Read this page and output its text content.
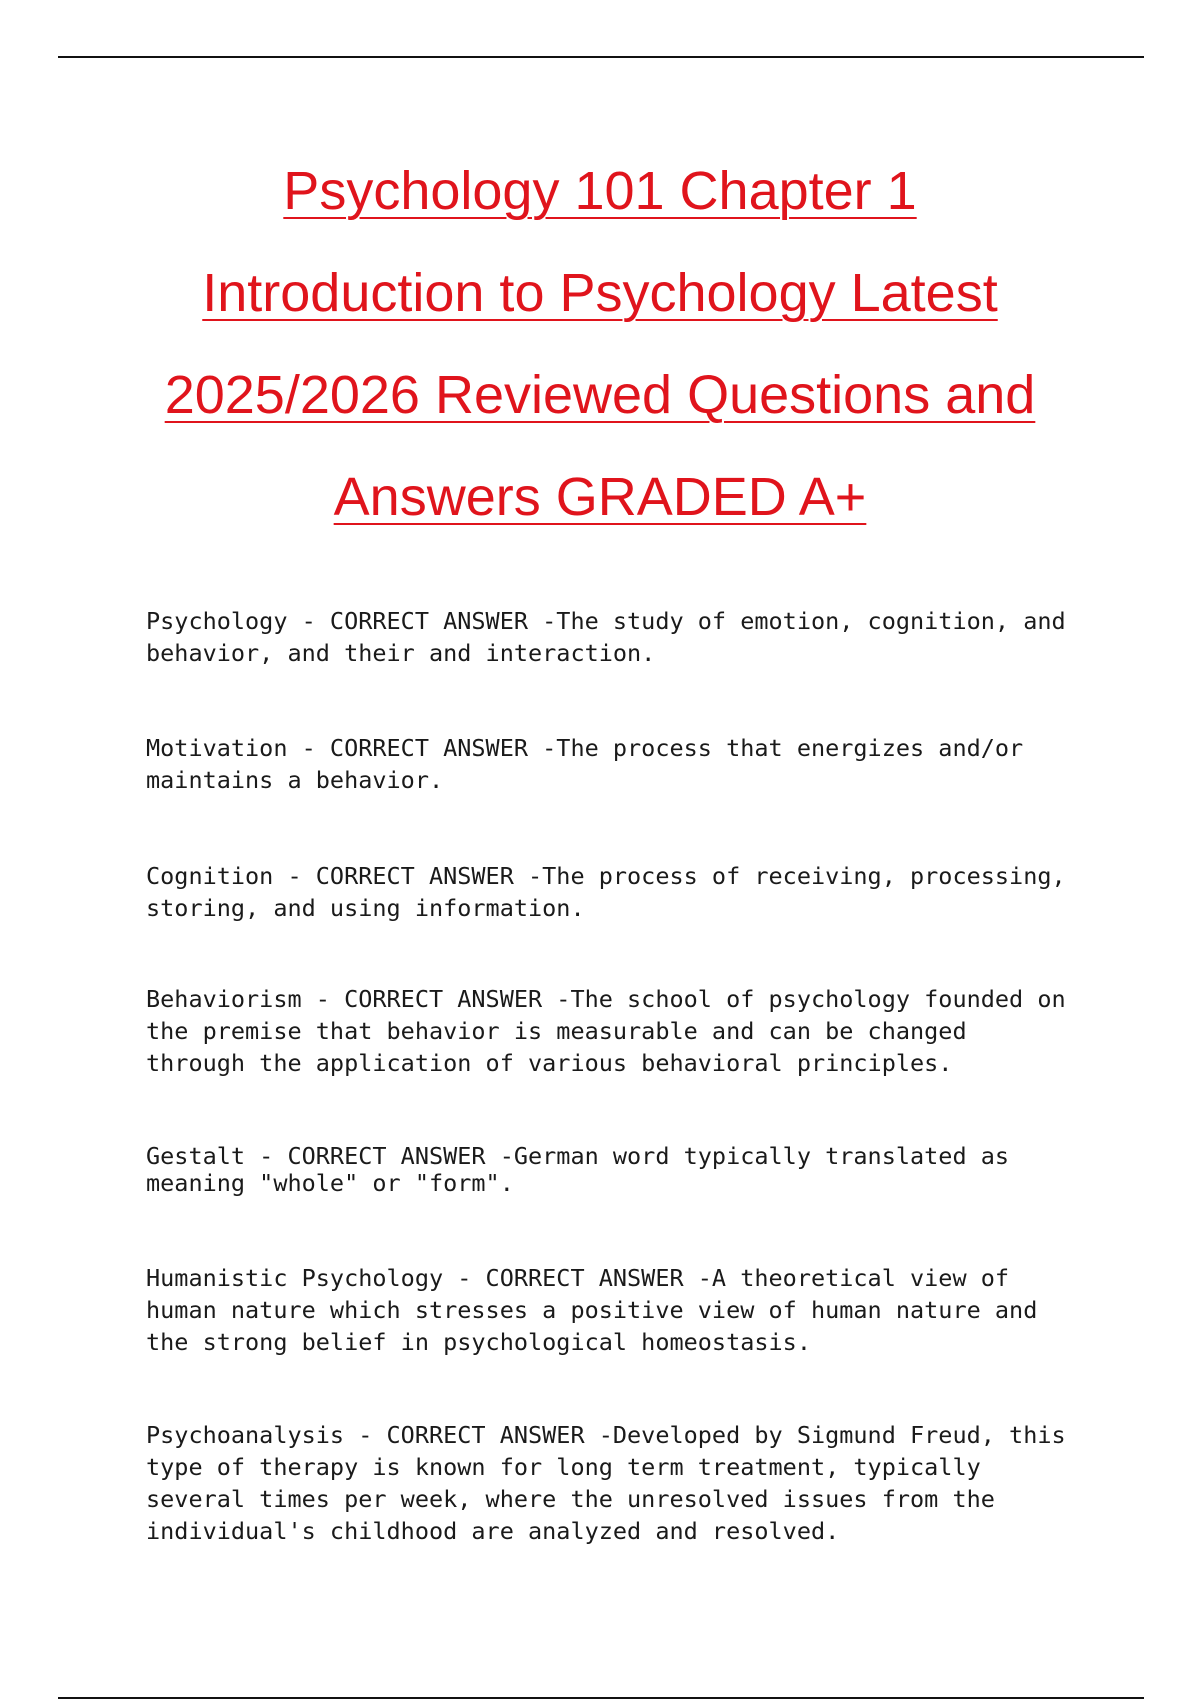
Psychology 101 Chapter 1
Introduction to Psychology Latest
2025/2026 Reviewed Questions and
Answers GRADED A+
Psychology - CORRECT ANSWER -The study of emotion, cognition, and behavior, and their and interaction.
Motivation - CORRECT ANSWER -The process that energizes and/or maintains a behavior.
Cognition - CORRECT ANSWER -The process of receiving, processing, storing, and using information.
Behaviorism - CORRECT ANSWER -The school of psychology founded on the premise that behavior is measurable and can be changed through the application of various behavioral principles.
Gestalt - CORRECT ANSWER -German word typically translated as meaning "whole" or "form".
Humanistic Psychology - CORRECT ANSWER -A theoretical view of human nature which stresses a positive view of human nature and the strong belief in psychological homeostasis.
Psychoanalysis - CORRECT ANSWER -Developed by Sigmund Freud, this type of therapy is known for long term treatment, typically several times per week, where the unresolved issues from the individual's childhood are analyzed and resolved.
